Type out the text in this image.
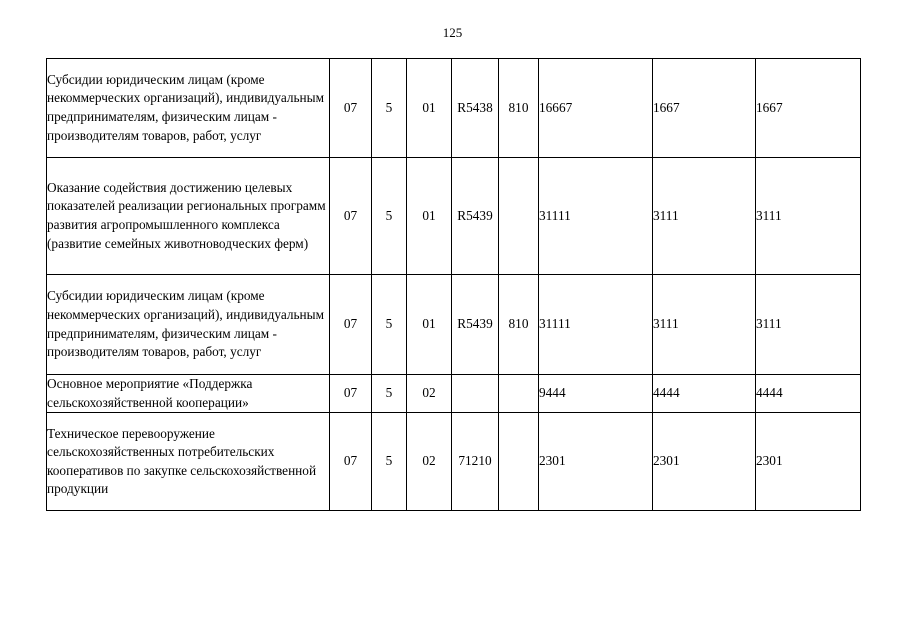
125
Субсидии юридическим лицам (кроме некоммерческих организаций), индивидуальным предпринимателям, физическим лицам - производителям товаров, работ, услуг	07	5	01	R5438	810	16667	1667	1667
Оказание содействия достижению целевых показателей реализации региональных программ развития агропромышленного комплекса (развитие семейных животноводческих ферм)	07	5	01	R5439		31111	3111	3111
Субсидии юридическим лицам (кроме некоммерческих организаций), индивидуальным предпринимателям, физическим лицам - производителям товаров, работ, услуг	07	5	01	R5439	810	31111	3111	3111
Основное мероприятие «Поддержка сельскохозяйственной кооперации»	07	5	02			9444	4444	4444
Техническое перевооружение сельскохозяйственных потребительских кооперативов по закупке сельскохозяйственной продукции	07	5	02	71210		2301	2301	2301
